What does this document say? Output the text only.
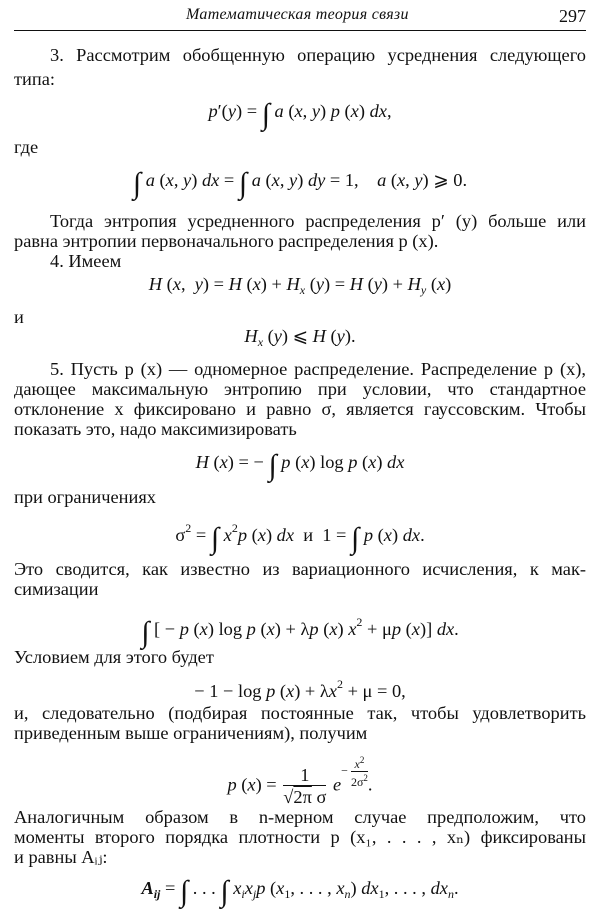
Математическая теория связи	297
3. Рассмотрим обобщенную операцию усреднения следующего
типа:
p′(y) = ∫ a (x, y) p (x) dx,
где
∫ a (x, y) dx = ∫ a (x, y) dy = 1,    a (x, y) ⩾ 0.
Тогда энтропия усредненного распределения p′ (y) больше или
равна энтропии первоначального распределения p (x).
4. Имеем
H (x,  y) = H $(x) + H_x$ (y) = H $(y) + H_y$ (x)
и
$H_x$ (y) ⩽ H (y).
5. Пусть p (x) — одномерное распределение. Распределение p (x),
дающее максимальную энтропию при условии, что стандартное
отклонение x фиксировано и равно σ, является гауссовским. Чтобы
показать это, надо максимизировать
H (x) = − ∫ p (x) log p (x) dx
при ограничениях
$\sigma^2$ = ∫ $x^2p$ (x) dx  и  1 = ∫ p (x) dx.
Это сводится, как известно из вариационного исчисления, к мак-
симизации
∫ [ − p (x) log p (x) + λp (x) $x^2 + \mu p$ (x)] dx.
Условием для этого будет
− 1 − log p $(x) + \lambda x^2 + \mu = 0$,
и, следовательно (подбирая постоянные так, чтобы удовлетворить
приведенным выше ограничениям), получим
p $(x) = \frac{1}{\text{√2π σ}} e- \frac{x^2}{2\sigma^2}$ .
Аналогичным образом в n-мерном случае предположим, что
моменты второго порядка плотности p (x₁, . . . , xₙ) фиксированы
и равны Aᵢⱼ:
$A_{ij}$ = ∫ . . . ∫ $x_ix_jp$ ($x_1$, . . . , $x_n$) $dx_1$, . . . , $dx_n$.
